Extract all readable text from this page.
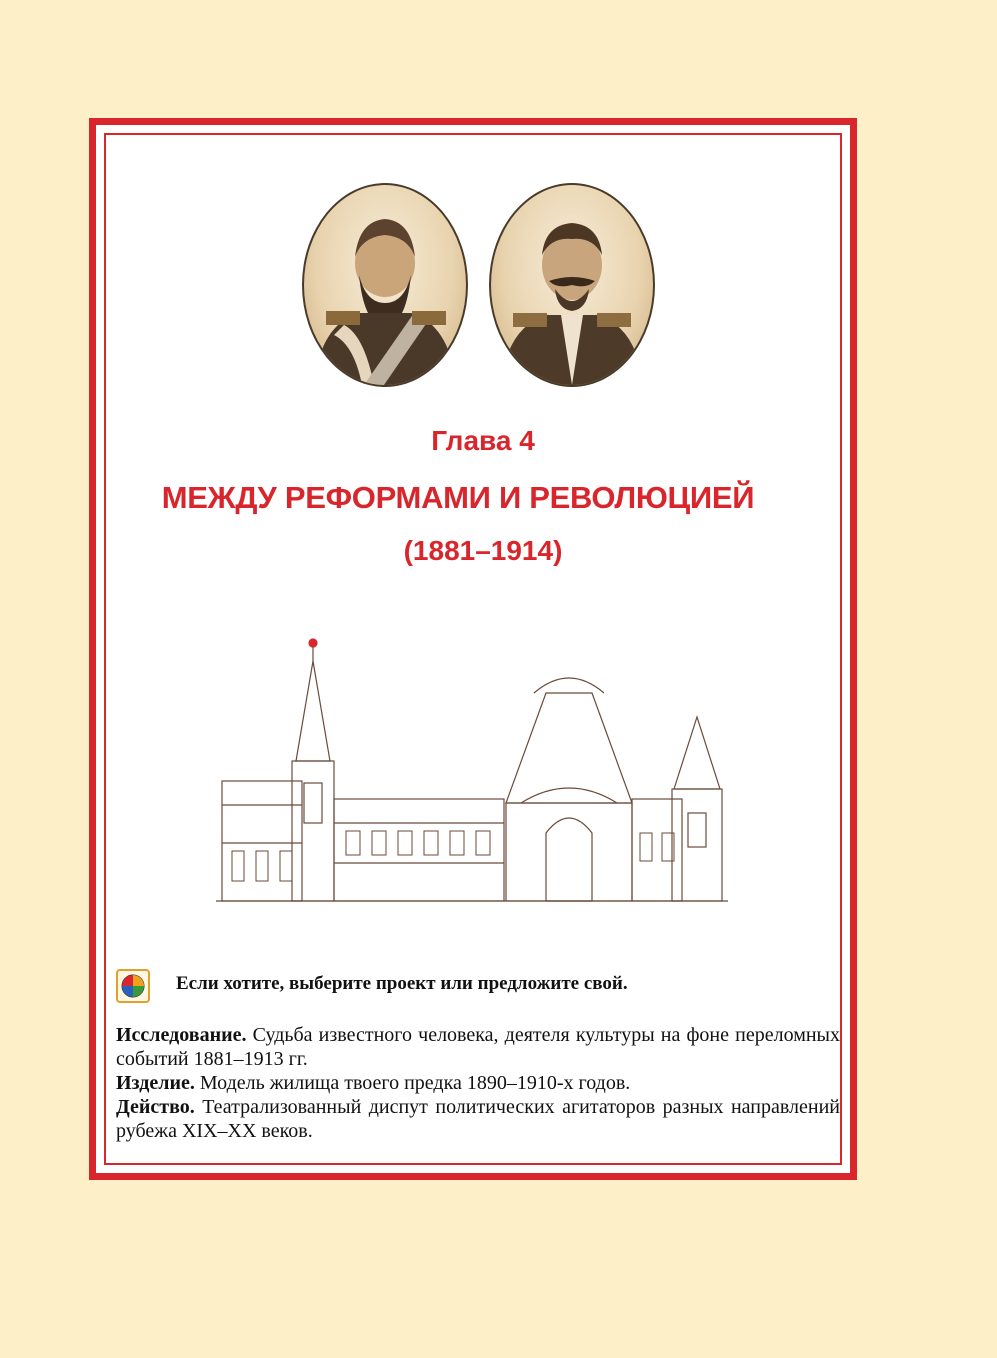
Глава 4
МЕЖДУ РЕФОРМАМИ И РЕВОЛЮЦИЕЙ
(1881–1914)
Если хотите, выберите проект или предложите свой.

Исследование. Судьба известного человека, деятеля культуры на фоне переломных событий 1881–1913 гг.

Изделие. Модель жилища твоего предка 1890–1910-х годов.

Действо. Театрализованный диспут политических агитаторов разных направлений рубежа XIX–XX веков.
